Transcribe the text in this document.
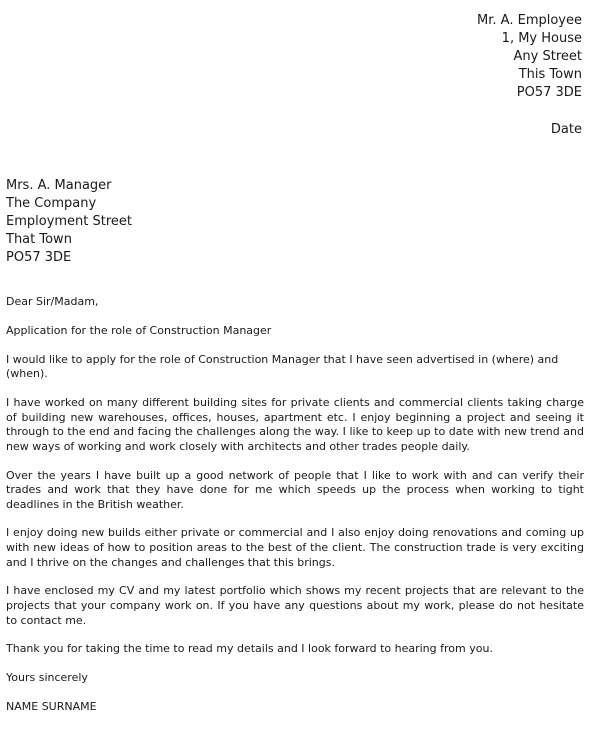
Mr. A. Employee
1, My House
Any Street
This Town
PO57 3DE
Date
Mrs. A. Manager
The Company
Employment Street
That Town
PO57 3DE

Dear Sir/Madam,

Application for the role of Construction Manager

I would like to apply for the role of Construction Manager that I have seen advertised in (where) and (when).

I have worked on many different building sites for private clients and commercial clients taking charge of building new warehouses, offices, houses, apartment etc. I enjoy beginning a project and seeing it through to the end and facing the challenges along the way. I like to keep up to date with new trend and new ways of working and work closely with architects and other trades people daily.

Over the years I have built up a good network of people that I like to work with and can verify their trades and work that they have done for me which speeds up the process when working to tight deadlines in the British weather.

I enjoy doing new builds either private or commercial and I also enjoy doing renovations and coming up with new ideas of how to position areas to the best of the client. The construction trade is very exciting and I thrive on the changes and challenges that this brings.

I have enclosed my CV and my latest portfolio which shows my recent projects that are relevant to the projects that your company work on. If you have any questions about my work, please do not hesitate to contact me.

Thank you for taking the time to read my details and I look forward to hearing from you.

Yours sincerely

NAME SURNAME
